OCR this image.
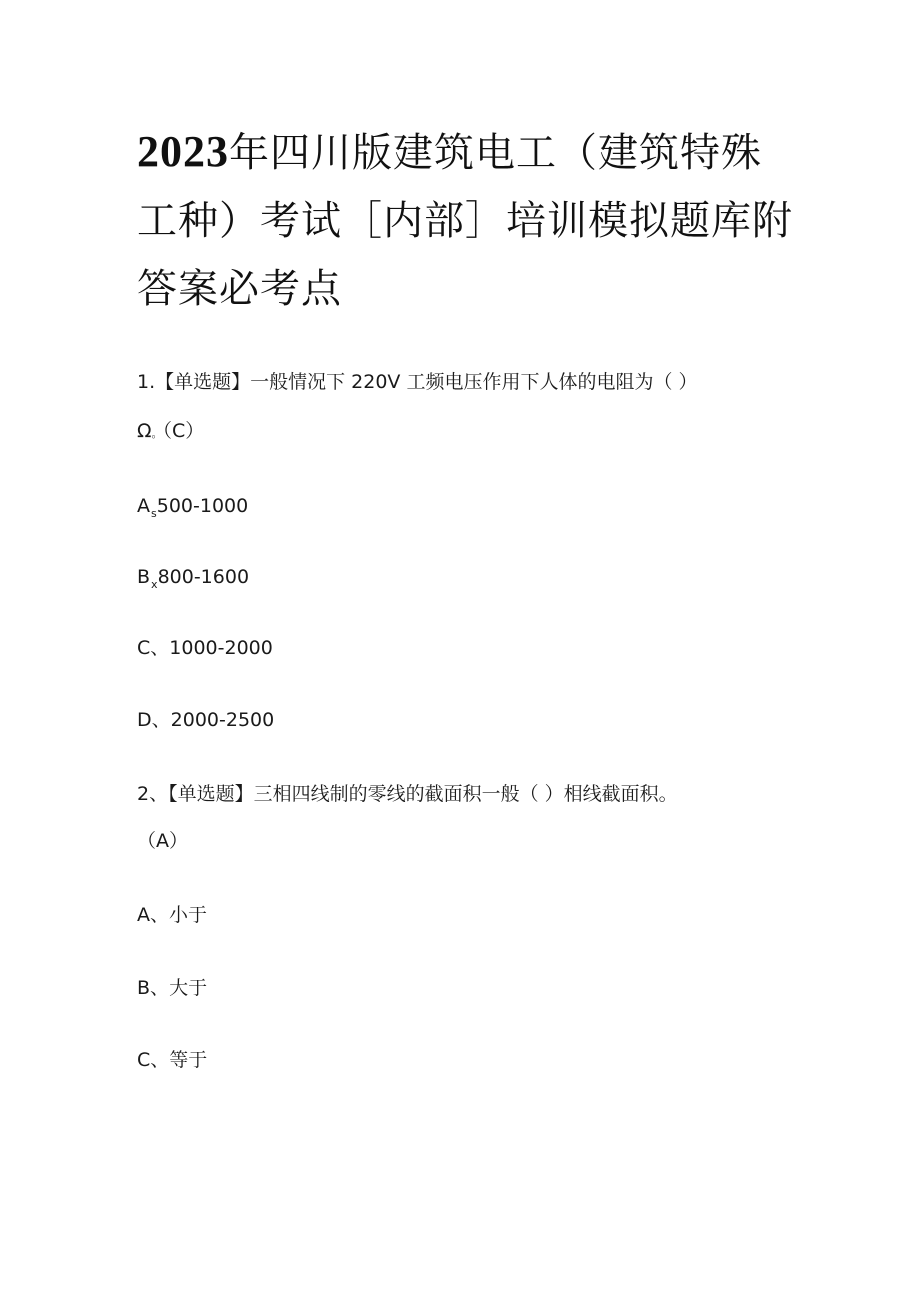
2023年四川版建筑电工（建筑特殊工种）考试［内部］培训模拟题库附答案必考点

1.【单选题】一般情况下 220V 工频电压作用下人体的电阻为（ ）

Ω。（C）

$A_s500-1000$

$B_x800-1600$

C、1000-2000

D、2000-2500

2、【单选题】三相四线制的零线的截面积一般（ ）相线截面积。

（A）

A、小于

B、大于

C、等于
